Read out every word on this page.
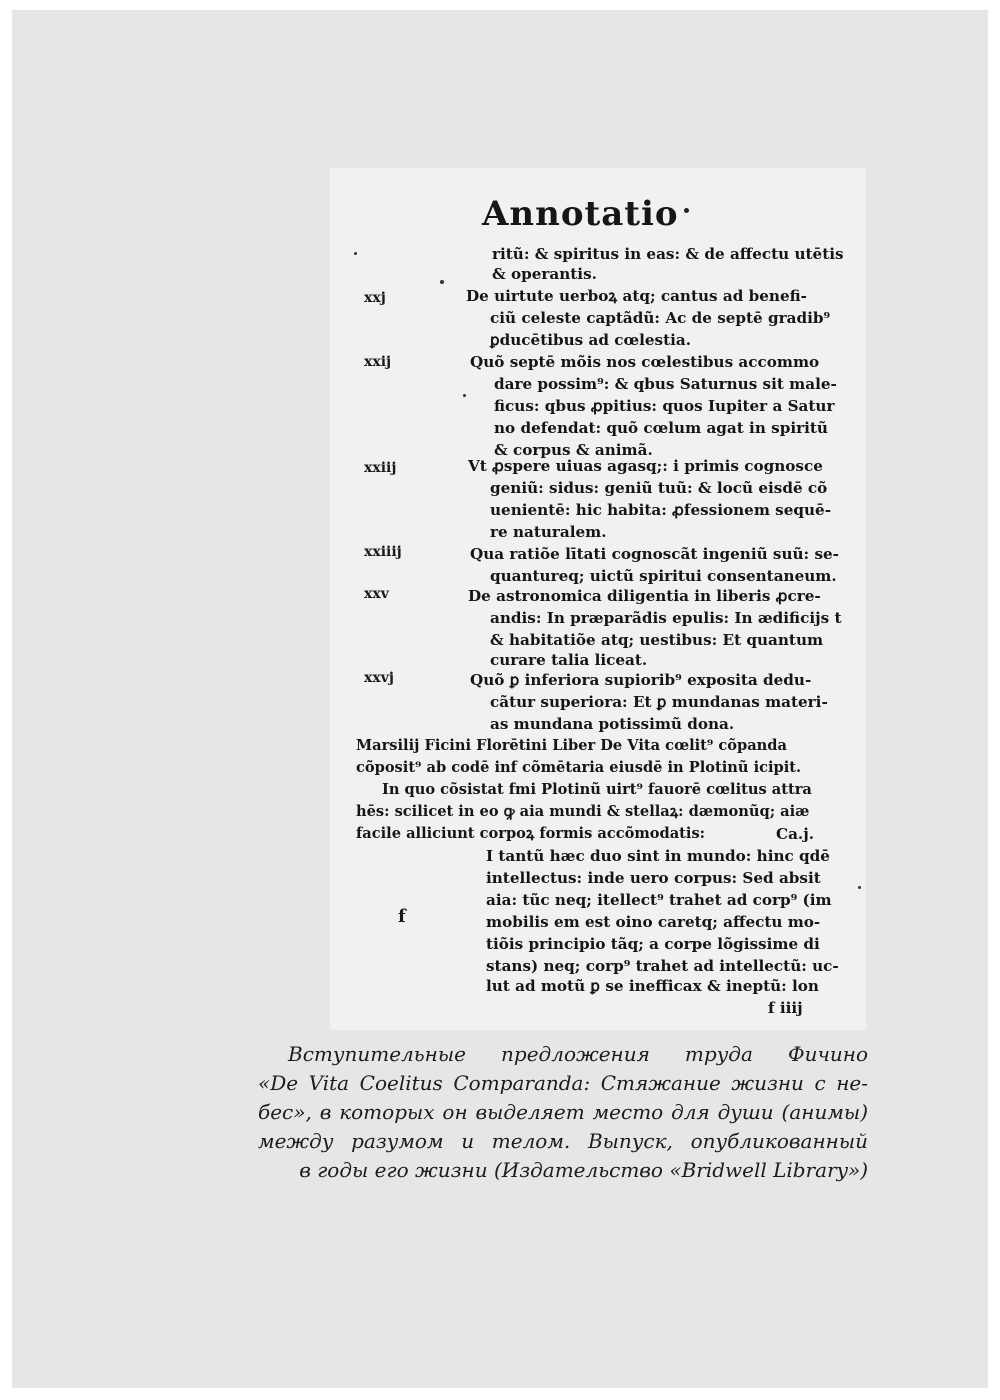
Annotatio
xxj
xxij
xxiij
xxiiij
xxv
xxvj
f
ritũ: & spiritus in eas: & de affectu utētis
& operantis.
De uirtute uerboꝝ atq; cantus ad benefi-
ciũ celeste captãdũ: Ac de septē gradib⁹
ꝑducētibus ad cœlestia.
Quõ septē mõis nos cœlestibus accommo
dare possim⁹: & qbus Saturnus sit male-
ficus: qbus ꝓpitius: quos Iupiter a Satur
no defendat: quõ cœlum agat in spiritũ
& corpus & animã.
Vt ꝓspere uiuas agasq;: i primis cognosce
geniũ: sidus: geniũ tuũ: & locũ eisdē cõ
uenientē: hic habita: ꝓfessionem sequē-
re naturalem.
Qua ratiõe lītati cognoscãt ingeniũ suũ: se-
quantureq; uictũ spiritui consentaneum.
De astronomica diligentia in liberis ꝓcre-
andis: In præparãdis epulis: In ædificijs t
& habitatiõe atq; uestibus: Et quantum
curare talia liceat.
Quõ ꝑ inferiora supiorib⁹ exposita dedu-
cãtur superiora: Et ꝑ mundanas materi-
as mundana potissimũ dona.
Marsilij Ficini Florētini Liber De Vita cœlit⁹ cõpanda
cõposit⁹ ab codē inf cõmētaria eiusdē in Plotinũ icipit.
In quo cõsistat fmi Plotinũ uirt⁹ fauorē cœlitus attra
hēs: scilicet in eo ꝙ aia mundi & stellaꝝ: dæmonũq; aiæ
facile alliciunt corpoꝝ formis accõmodatis:	Ca.j.
I tantũ hæc duo sint in mundo: hinc qdē
intellectus: inde uero corpus: Sed absit
aia: tũc neq; itellect⁹ trahet ad corp⁹ (im
mobilis em est oino caretq; affectu mo-
tiõis principio tãq; a corpe lõgissime di
stans) neq; corp⁹ trahet ad intellectũ: uc-
lut ad motũ ꝑ se inefficax & ineptũ: lon
f iiij
Вступительные предложения труда Фичино
«De Vita Coelitus Comparanda: Стяжание жизни с не-
бес», в которых он выделяет место для души (анимы)
между разумом и телом. Выпуск, опубликованный
в годы его жизни (Издательство «Bridwell Library»)
